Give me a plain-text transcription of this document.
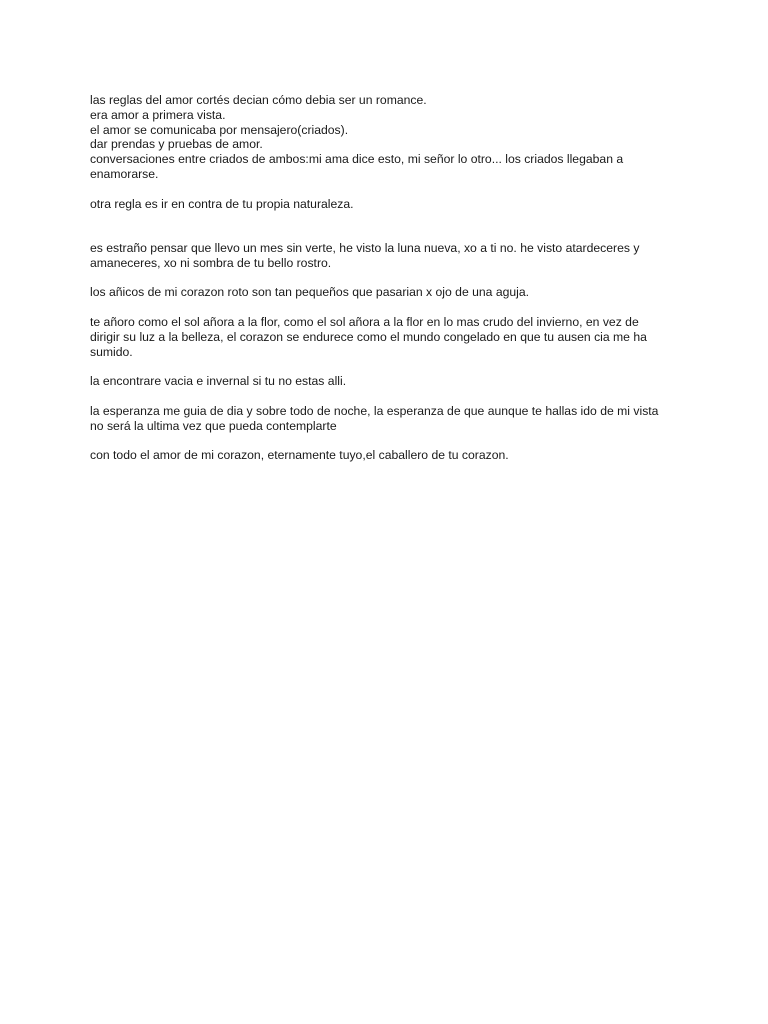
las reglas del amor cortés decian cómo debia ser un romance.
era amor a primera vista.
el amor se comunicaba por mensajero(criados).
dar prendas y pruebas de amor.
conversaciones entre criados de ambos:mi ama dice esto, mi señor lo otro... los criados llegaban a
enamorarse.

otra regla es ir en contra de tu propia naturaleza.

es estraño pensar que llevo un mes sin verte, he visto la luna nueva, xo a ti no. he visto atardeceres y
amaneceres, xo ni sombra de tu bello rostro.

los añicos de mi corazon roto son tan pequeños que pasarian x ojo de una aguja.

te añoro como el sol añora a la flor, como el sol añora a la flor en lo mas crudo del invierno, en vez de
dirigir su luz a la belleza, el corazon se endurece como el mundo congelado en que tu ausen cia me ha
sumido.

la encontrare vacia e invernal si tu no estas alli.

la esperanza me guia de dia y sobre todo de noche, la esperanza de que aunque te hallas ido de mi vista
no será la ultima vez que pueda contemplarte

con todo el amor de mi corazon, eternamente tuyo,el caballero de tu corazon.
